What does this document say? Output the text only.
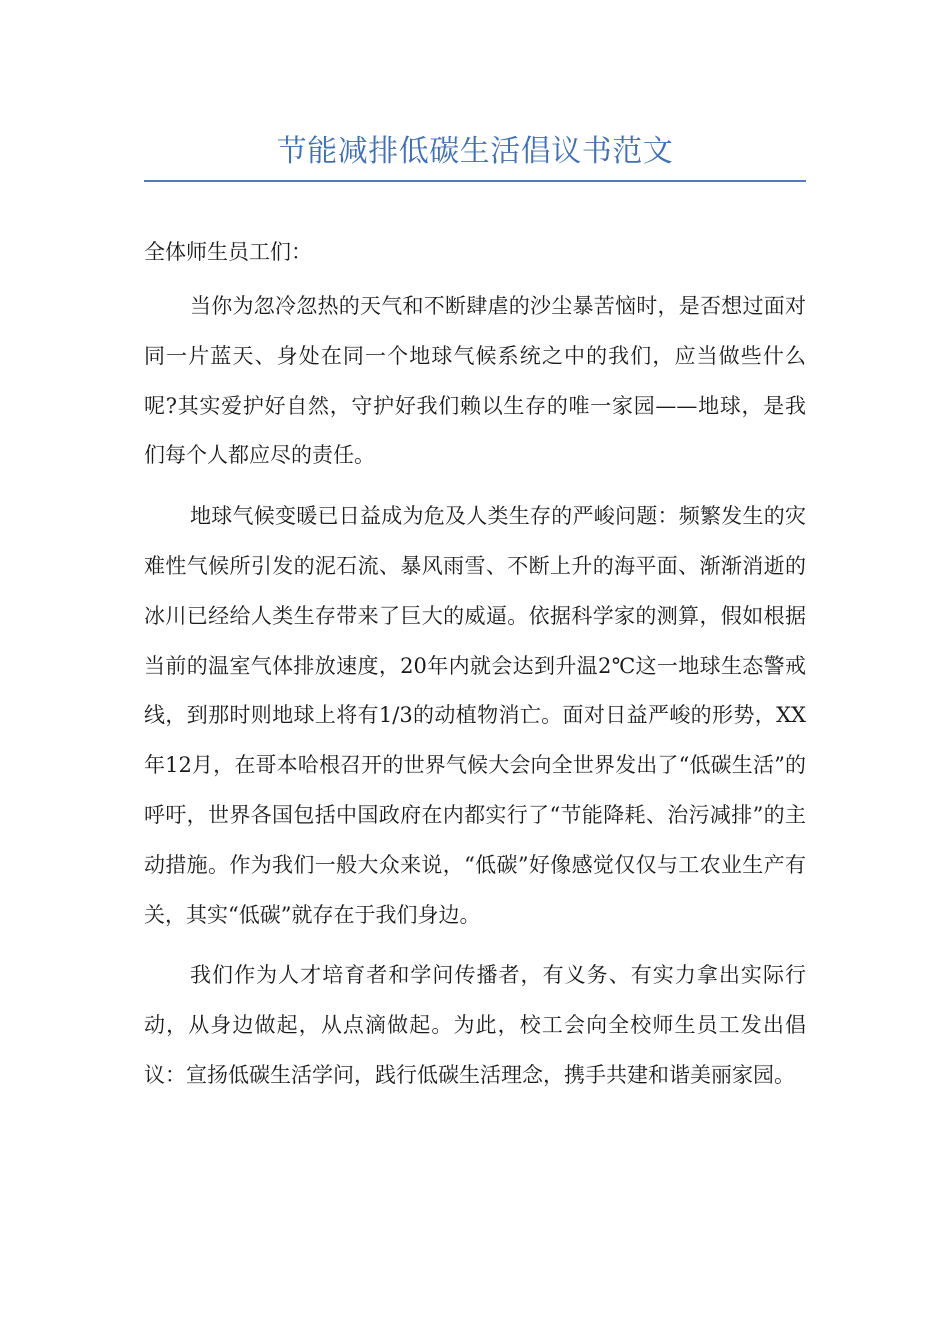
节能减排低碳生活倡议书范文

全体师生员工们：

当你为忽冷忽热的天气和不断肆虐的沙尘暴苦恼时，是否想过面对同一片蓝天、身处在同一个地球气候系统之中的我们，应当做些什么呢?其实爱护好自然，守护好我们赖以生存的唯一家园——地球，是我们每个人都应尽的责任。

地球气候变暖已日益成为危及人类生存的严峻问题：频繁发生的灾难性气候所引发的泥石流、暴风雨雪、不断上升的海平面、渐渐消逝的冰川已经给人类生存带来了巨大的威逼。依据科学家的测算，假如根据当前的温室气体排放速度，20年内就会达到升温2℃这一地球生态警戒线，到那时则地球上将有1/3的动植物消亡。面对日益严峻的形势，XX年12月，在哥本哈根召开的世界气候大会向全世界发出了“低碳生活”的呼吁，世界各国包括中国政府在内都实行了“节能降耗、治污减排”的主动措施。作为我们一般大众来说，“低碳”好像感觉仅仅与工农业生产有关，其实“低碳”就存在于我们身边。

我们作为人才培育者和学问传播者，有义务、有实力拿出实际行动，从身边做起，从点滴做起。为此，校工会向全校师生员工发出倡议：宣扬低碳生活学问，践行低碳生活理念，携手共建和谐美丽家园。
